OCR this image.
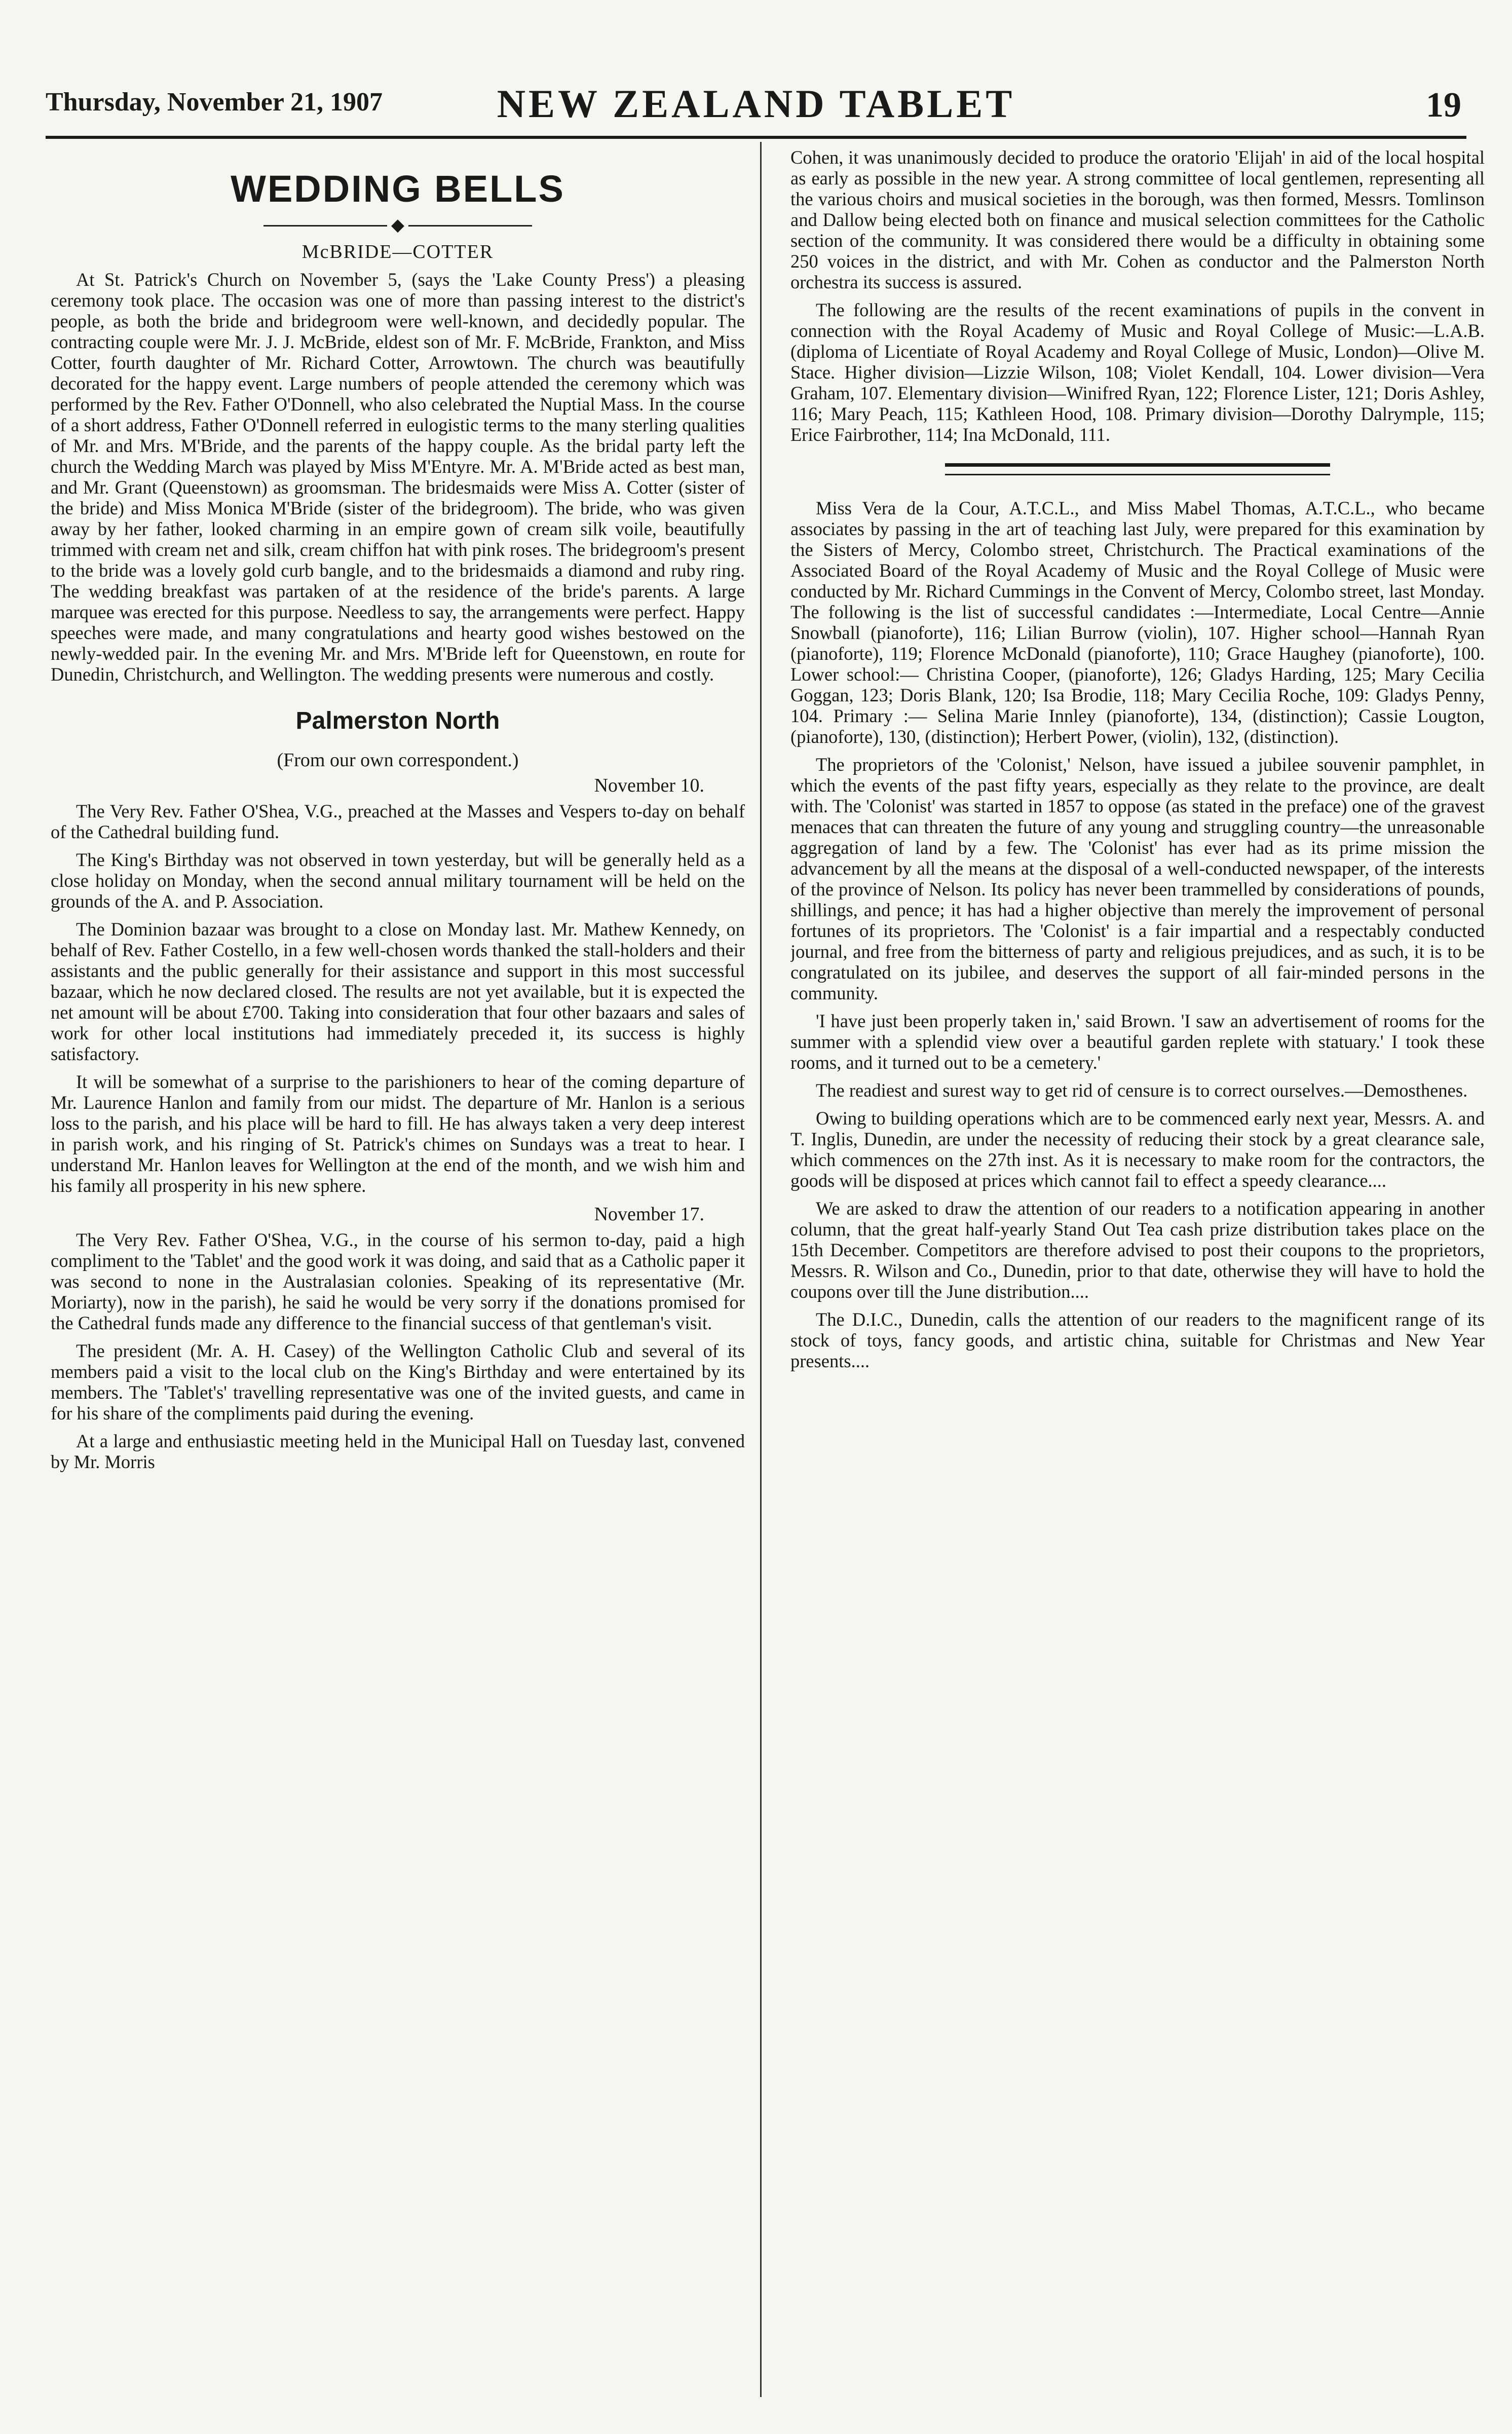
Thursday, November 21, 1907	NEW ZEALAND TABLET	19
WEDDING BELLS
◆
McBRIDE—COTTER

At St. Patrick's Church on November 5, (says the 'Lake County Press') a pleasing ceremony took place. The occasion was one of more than passing interest to the district's people, as both the bride and bridegroom were well-known, and decidedly popular. The contracting couple were Mr. J. J. McBride, eldest son of Mr. F. McBride, Frankton, and Miss Cotter, fourth daughter of Mr. Richard Cotter, Arrowtown. The church was beautifully decorated for the happy event. Large numbers of people attended the ceremony which was performed by the Rev. Father O'Donnell, who also celebrated the Nuptial Mass. In the course of a short address, Father O'Donnell referred in eulogistic terms to the many sterling qualities of Mr. and Mrs. M'Bride, and the parents of the happy couple. As the bridal party left the church the Wedding March was played by Miss M'Entyre. Mr. A. M'Bride acted as best man, and Mr. Grant (Queenstown) as groomsman. The bridesmaids were Miss A. Cotter (sister of the bride) and Miss Monica M'Bride (sister of the bridegroom). The bride, who was given away by her father, looked charming in an empire gown of cream silk voile, beautifully trimmed with cream net and silk, cream chiffon hat with pink roses. The bridegroom's present to the bride was a lovely gold curb bangle, and to the bridesmaids a diamond and ruby ring. The wedding breakfast was partaken of at the residence of the bride's parents. A large marquee was erected for this purpose. Needless to say, the arrangements were perfect. Happy speeches were made, and many congratulations and hearty good wishes bestowed on the newly-wedded pair. In the evening Mr. and Mrs. M'Bride left for Queenstown, en route for Dunedin, Christchurch, and Wellington. The wedding presents were numerous and costly.

Palmerston North
(From our own correspondent.)
November 10.

The Very Rev. Father O'Shea, V.G., preached at the Masses and Vespers to-day on behalf of the Cathedral building fund.

The King's Birthday was not observed in town yesterday, but will be generally held as a close holiday on Monday, when the second annual military tournament will be held on the grounds of the A. and P. Association.

The Dominion bazaar was brought to a close on Monday last. Mr. Mathew Kennedy, on behalf of Rev. Father Costello, in a few well-chosen words thanked the stall-holders and their assistants and the public generally for their assistance and support in this most successful bazaar, which he now declared closed. The results are not yet available, but it is expected the net amount will be about £700. Taking into consideration that four other bazaars and sales of work for other local institutions had immediately preceded it, its success is highly satisfactory.

It will be somewhat of a surprise to the parishioners to hear of the coming departure of Mr. Laurence Hanlon and family from our midst. The departure of Mr. Hanlon is a serious loss to the parish, and his place will be hard to fill. He has always taken a very deep interest in parish work, and his ringing of St. Patrick's chimes on Sundays was a treat to hear. I understand Mr. Hanlon leaves for Wellington at the end of the month, and we wish him and his family all prosperity in his new sphere.

November 17.

The Very Rev. Father O'Shea, V.G., in the course of his sermon to-day, paid a high compliment to the 'Tablet' and the good work it was doing, and said that as a Catholic paper it was second to none in the Australasian colonies. Speaking of its representative (Mr. Moriarty), now in the parish), he said he would be very sorry if the donations promised for the Cathedral funds made any difference to the financial success of that gentleman's visit.

The president (Mr. A. H. Casey) of the Wellington Catholic Club and several of its members paid a visit to the local club on the King's Birthday and were entertained by its members. The 'Tablet's' travelling representative was one of the invited guests, and came in for his share of the compliments paid during the evening.

At a large and enthusiastic meeting held in the Municipal Hall on Tuesday last, convened by Mr. Morris

Cohen, it was unanimously decided to produce the oratorio 'Elijah' in aid of the local hospital as early as possible in the new year. A strong committee of local gentlemen, representing all the various choirs and musical societies in the borough, was then formed, Messrs. Tomlinson and Dallow being elected both on finance and musical selection committees for the Catholic section of the community. It was considered there would be a difficulty in obtaining some 250 voices in the district, and with Mr. Cohen as conductor and the Palmerston North orchestra its success is assured.

The following are the results of the recent examinations of pupils in the convent in connection with the Royal Academy of Music and Royal College of Music:—L.A.B. (diploma of Licentiate of Royal Academy and Royal College of Music, London)—Olive M. Stace. Higher division—Lizzie Wilson, 108; Violet Kendall, 104. Lower division—Vera Graham, 107. Elementary division—Winifred Ryan, 122; Florence Lister, 121; Doris Ashley, 116; Mary Peach, 115; Kathleen Hood, 108. Primary division—Dorothy Dalrymple, 115; Erice Fairbrother, 114; Ina McDonald, 111.

Miss Vera de la Cour, A.T.C.L., and Miss Mabel Thomas, A.T.C.L., who became associates by passing in the art of teaching last July, were prepared for this examination by the Sisters of Mercy, Colombo street, Christchurch. The Practical examinations of the Associated Board of the Royal Academy of Music and the Royal College of Music were conducted by Mr. Richard Cummings in the Convent of Mercy, Colombo street, last Monday. The following is the list of successful candidates :—Intermediate, Local Centre—Annie Snowball (pianoforte), 116; Lilian Burrow (violin), 107. Higher school—Hannah Ryan (pianoforte), 119; Florence McDonald (pianoforte), 110; Grace Haughey (pianoforte), 100. Lower school:— Christina Cooper, (pianoforte), 126; Gladys Harding, 125; Mary Cecilia Goggan, 123; Doris Blank, 120; Isa Brodie, 118; Mary Cecilia Roche, 109: Gladys Penny, 104. Primary :— Selina Marie Innley (pianoforte), 134, (distinction); Cassie Lougton, (pianoforte), 130, (distinction); Herbert Power, (violin), 132, (distinction).

The proprietors of the 'Colonist,' Nelson, have issued a jubilee souvenir pamphlet, in which the events of the past fifty years, especially as they relate to the province, are dealt with. The 'Colonist' was started in 1857 to oppose (as stated in the preface) one of the gravest menaces that can threaten the future of any young and struggling country—the unreasonable aggregation of land by a few. The 'Colonist' has ever had as its prime mission the advancement by all the means at the disposal of a well-conducted newspaper, of the interests of the province of Nelson. Its policy has never been trammelled by considerations of pounds, shillings, and pence; it has had a higher objective than merely the improvement of personal fortunes of its proprietors. The 'Colonist' is a fair impartial and a respectably conducted journal, and free from the bitterness of party and religious prejudices, and as such, it is to be congratulated on its jubilee, and deserves the support of all fair-minded persons in the community.

'I have just been properly taken in,' said Brown. 'I saw an advertisement of rooms for the summer with a splendid view over a beautiful garden replete with statuary.' I took these rooms, and it turned out to be a cemetery.'

The readiest and surest way to get rid of censure is to correct ourselves.—Demosthenes.

Owing to building operations which are to be commenced early next year, Messrs. A. and T. Inglis, Dunedin, are under the necessity of reducing their stock by a great clearance sale, which commences on the 27th inst. As it is necessary to make room for the contractors, the goods will be disposed at prices which cannot fail to effect a speedy clearance....

We are asked to draw the attention of our readers to a notification appearing in another column, that the great half-yearly Stand Out Tea cash prize distribution takes place on the 15th December. Competitors are therefore advised to post their coupons to the proprietors, Messrs. R. Wilson and Co., Dunedin, prior to that date, otherwise they will have to hold the coupons over till the June distribution....

The D.I.C., Dunedin, calls the attention of our readers to the magnificent range of its stock of toys, fancy goods, and artistic china, suitable for Christmas and New Year presents....
